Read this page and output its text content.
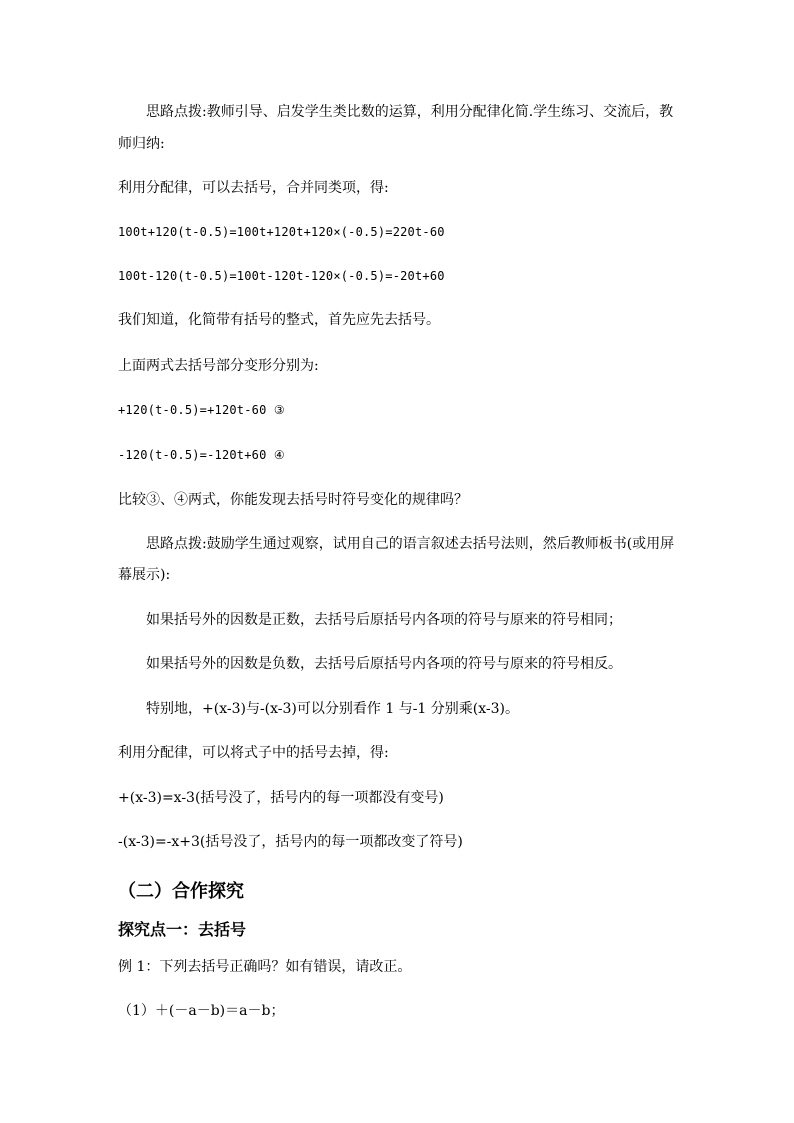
思路点拨:教师引导、启发学生类比数的运算，利用分配律化简.学生练习、交流后，教
师归纳:
利用分配律，可以去括号，合并同类项，得:
100t+120(t-0.5)=100t+120t+120×(-0.5)=220t-60
100t-120(t-0.5)=100t-120t-120×(-0.5)=-20t+60
我们知道，化简带有括号的整式，首先应先去括号。
上面两式去括号部分变形分别为:
+120(t-0.5)=+120t-60 ③
-120(t-0.5)=-120t+60 ④
比较③、④两式，你能发现去括号时符号变化的规律吗？
思路点拨:鼓励学生通过观察，试用自己的语言叙述去括号法则，然后教师板书(或用屏
幕展示):
如果括号外的因数是正数，去括号后原括号内各项的符号与原来的符号相同；
如果括号外的因数是负数，去括号后原括号内各项的符号与原来的符号相反。
特别地，+(x-3)与-(x-3)可以分别看作 1 与-1 分别乘(x-3)。
利用分配律，可以将式子中的括号去掉，得:
+(x-3)=x-3(括号没了，括号内的每一项都没有变号)
-(x-3)=-x+3(括号没了，括号内的每一项都改变了符号)
（二）合作探究
探究点一：去括号
例 1：下列去括号正确吗？如有错误，请改正。
（1）＋(－a－b)＝a－b；
